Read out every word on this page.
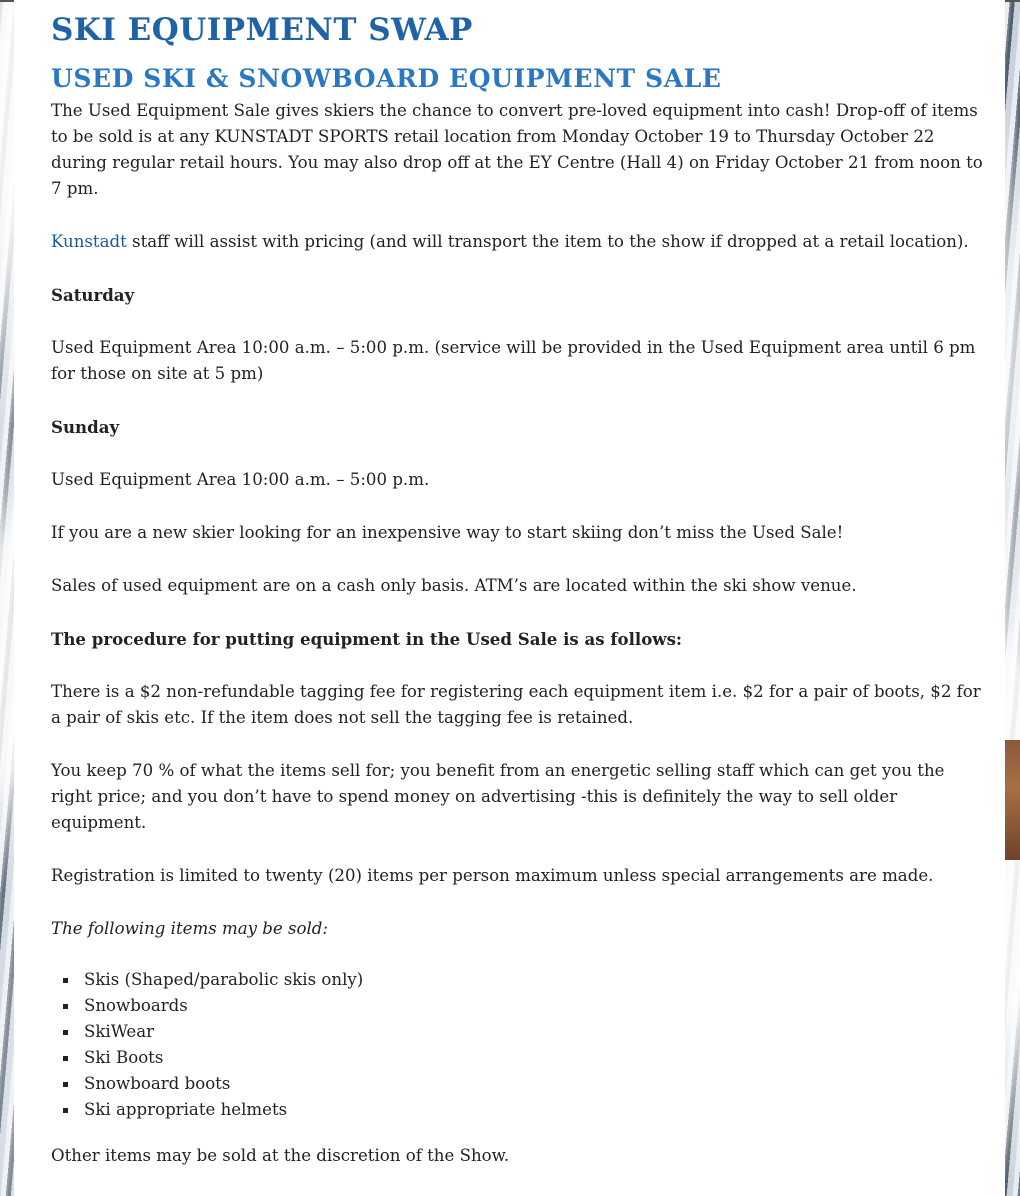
SKI EQUIPMENT SWAP
USED SKI & SNOWBOARD EQUIPMENT SALE

The Used Equipment Sale gives skiers the chance to convert pre-loved equipment into cash! Drop-off of items to be sold is at any KUNSTADT SPORTS retail location from Monday October 19 to Thursday October 22 during regular retail hours. You may also drop off at the EY Centre (Hall 4) on Friday October 21 from noon to 7 pm.

Kunstadt staff will assist with pricing (and will transport the item to the show if dropped at a retail location).

Saturday

Used Equipment Area 10:00 a.m. – 5:00 p.m. (service will be provided in the Used Equipment area until 6 pm for those on site at 5 pm)

Sunday

Used Equipment Area 10:00 a.m. – 5:00 p.m.

If you are a new skier looking for an inexpensive way to start skiing don’t miss the Used Sale!

Sales of used equipment are on a cash only basis. ATM’s are located within the ski show venue.

The procedure for putting equipment in the Used Sale is as follows:

There is a $2 non-refundable tagging fee for registering each equipment item i.e. $2 for a pair of boots, $2 for a pair of skis etc. If the item does not sell the tagging fee is retained.

You keep 70 % of what the items sell for; you benefit from an energetic selling staff which can get you the right price; and you don’t have to spend money on advertising -this is definitely the way to sell older equipment.

Registration is limited to twenty (20) items per person maximum unless special arrangements are made.

The following items may be sold:

Skis (Shaped/parabolic skis only)
Snowboards
SkiWear
Ski Boots
Snowboard boots
Ski appropriate helmets

Other items may be sold at the discretion of the Show.
